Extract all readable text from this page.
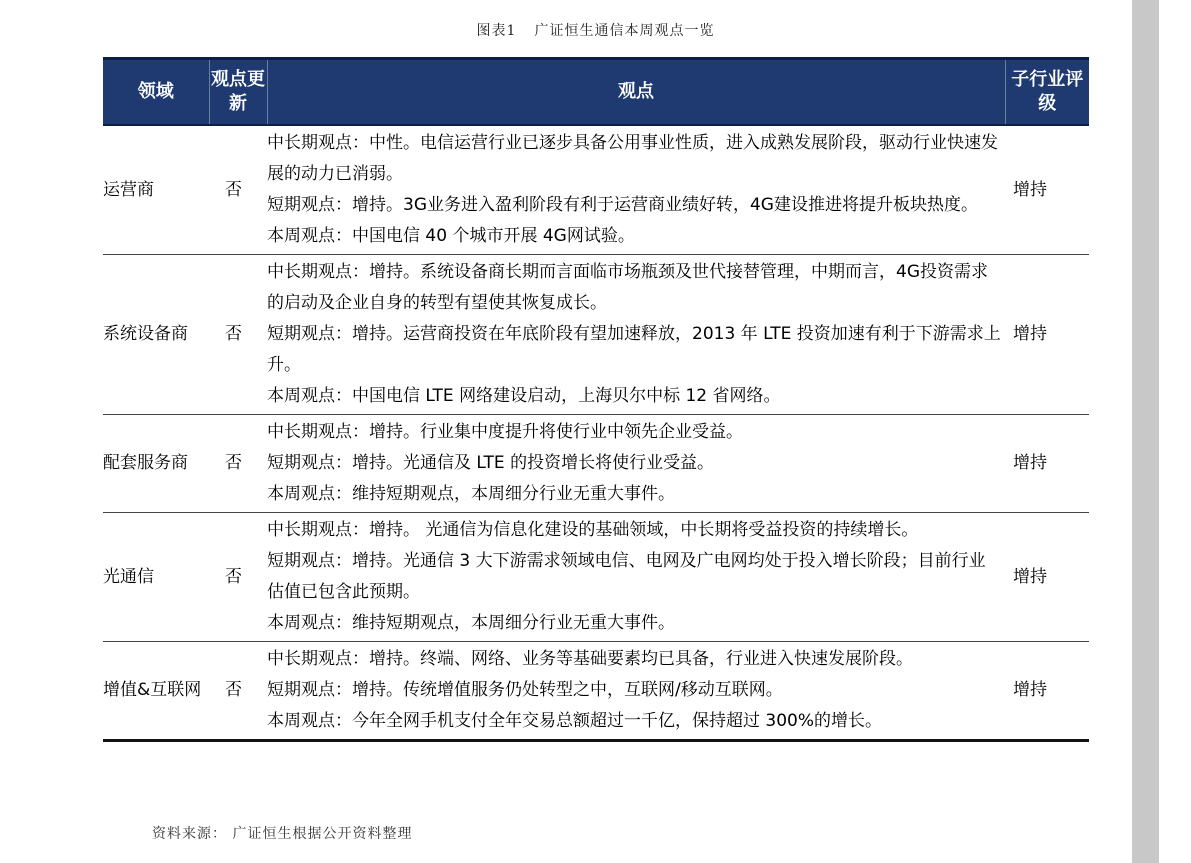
图表1 广证恒生通信本周观点一览
领域	观点更新	观点	子行业评级
运营商	否	中长期观点：中性。电信运营行业已逐步具备公用事业性质，进入成熟发展阶段，驱动行业快速发展的动力已消弱。
短期观点：增持。3G业务进入盈利阶段有利于运营商业绩好转，4G建设推进将提升板块热度。
本周观点：中国电信 40 个城市开展 4G网试验。	增持
系统设备商	否	中长期观点：增持。系统设备商长期而言面临市场瓶颈及世代接替管理，中期而言，4G投资需求的启动及企业自身的转型有望使其恢复成长。
短期观点：增持。运营商投资在年底阶段有望加速释放，2013 年 LTE 投资加速有利于下游需求上升。
本周观点：中国电信 LTE 网络建设启动，上海贝尔中标 12 省网络。	增持
配套服务商	否	中长期观点：增持。行业集中度提升将使行业中领先企业受益。
短期观点：增持。光通信及 LTE 的投资增长将使行业受益。
本周观点：维持短期观点，本周细分行业无重大事件。	增持
光通信	否	中长期观点：增持。 光通信为信息化建设的基础领域，中长期将受益投资的持续增长。
短期观点：增持。光通信 3 大下游需求领域电信、电网及广电网均处于投入增长阶段；目前行业估值已包含此预期。
本周观点：维持短期观点，本周细分行业无重大事件。	增持
增值&互联网	否	中长期观点：增持。终端、网络、业务等基础要素均已具备，行业进入快速发展阶段。
短期观点：增持。传统增值服务仍处转型之中，互联网/移动互联网。
本周观点：今年全网手机支付全年交易总额超过一千亿，保持超过 300%的增长。	增持
资料来源： 广证恒生根据公开资料整理
